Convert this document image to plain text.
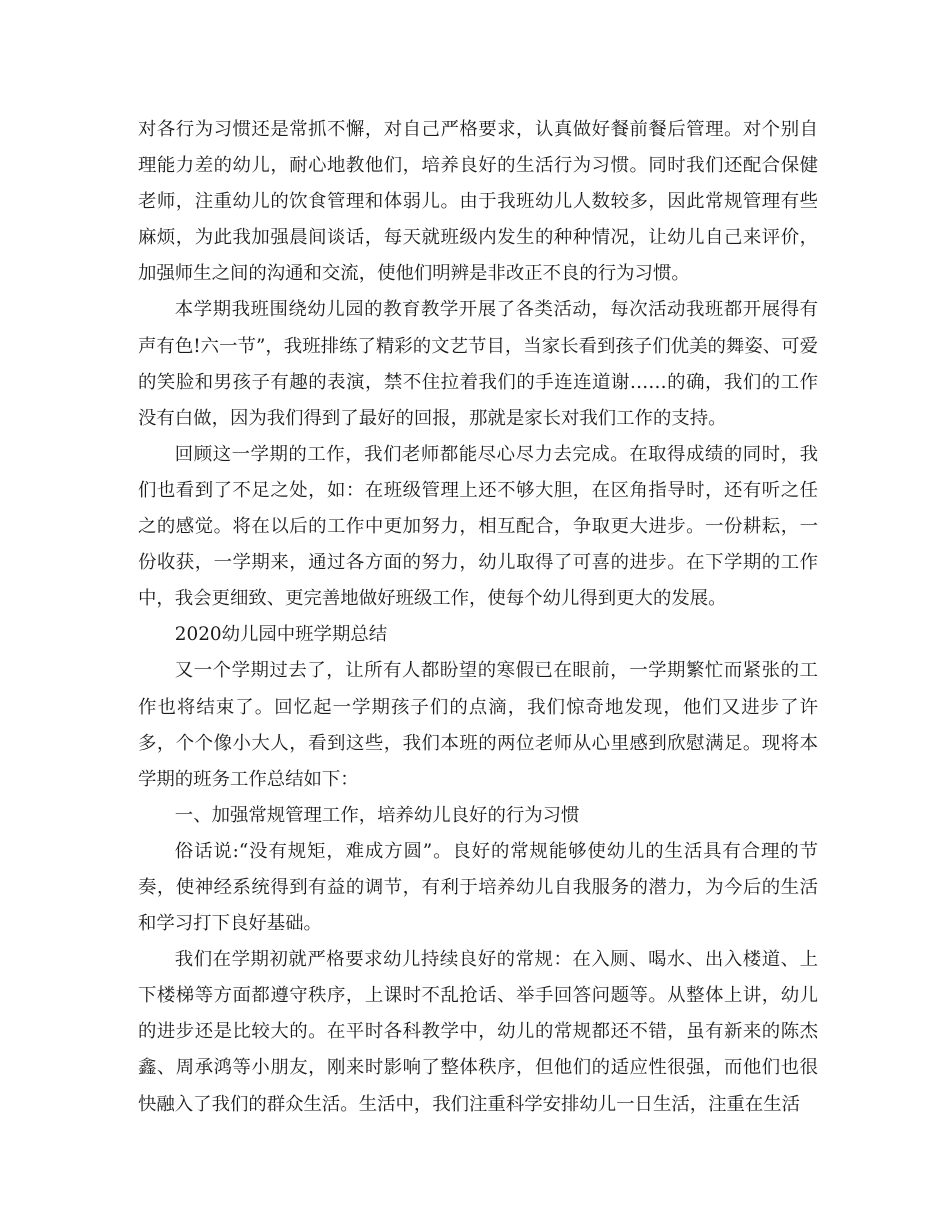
对各行为习惯还是常抓不懈，对自己严格要求，认真做好餐前餐后管理。对个别自理能力差的幼儿，耐心地教他们，培养良好的生活行为习惯。同时我们还配合保健老师，注重幼儿的饮食管理和体弱儿。由于我班幼儿人数较多，因此常规管理有些麻烦，为此我加强晨间谈话，每天就班级内发生的种种情况，让幼儿自己来评价，加强师生之间的沟通和交流，使他们明辨是非改正不良的行为习惯。

本学期我班围绕幼儿园的教育教学开展了各类活动，每次活动我班都开展得有声有色!六一节”，我班排练了精彩的文艺节目，当家长看到孩子们优美的舞姿、可爱的笑脸和男孩子有趣的表演，禁不住拉着我们的手连连道谢……的确，我们的工作没有白做，因为我们得到了最好的回报，那就是家长对我们工作的支持。

回顾这一学期的工作，我们老师都能尽心尽力去完成。在取得成绩的同时，我们也看到了不足之处，如：在班级管理上还不够大胆，在区角指导时，还有听之任之的感觉。将在以后的工作中更加努力，相互配合，争取更大进步。一份耕耘，一份收获，一学期来，通过各方面的努力，幼儿取得了可喜的进步。在下学期的工作中，我会更细致、更完善地做好班级工作，使每个幼儿得到更大的发展。

2020幼儿园中班学期总结

又一个学期过去了，让所有人都盼望的寒假已在眼前，一学期繁忙而紧张的工作也将结束了。回忆起一学期孩子们的点滴，我们惊奇地发现，他们又进步了许多，个个像小大人，看到这些，我们本班的两位老师从心里感到欣慰满足。现将本学期的班务工作总结如下：

一、加强常规管理工作，培养幼儿良好的行为习惯

俗话说:“没有规矩，难成方圆”。良好的常规能够使幼儿的生活具有合理的节奏，使神经系统得到有益的调节，有利于培养幼儿自我服务的潜力，为今后的生活和学习打下良好基础。

我们在学期初就严格要求幼儿持续良好的常规：在入厕、喝水、出入楼道、上下楼梯等方面都遵守秩序，上课时不乱抢话、举手回答问题等。从整体上讲，幼儿的进步还是比较大的。在平时各科教学中，幼儿的常规都还不错，虽有新来的陈杰鑫、周承鸿等小朋友，刚来时影响了整体秩序，但他们的适应性很强，而他们也很快融入了我们的群众生活。生活中，我们注重科学安排幼儿一日生活，注重在生活
